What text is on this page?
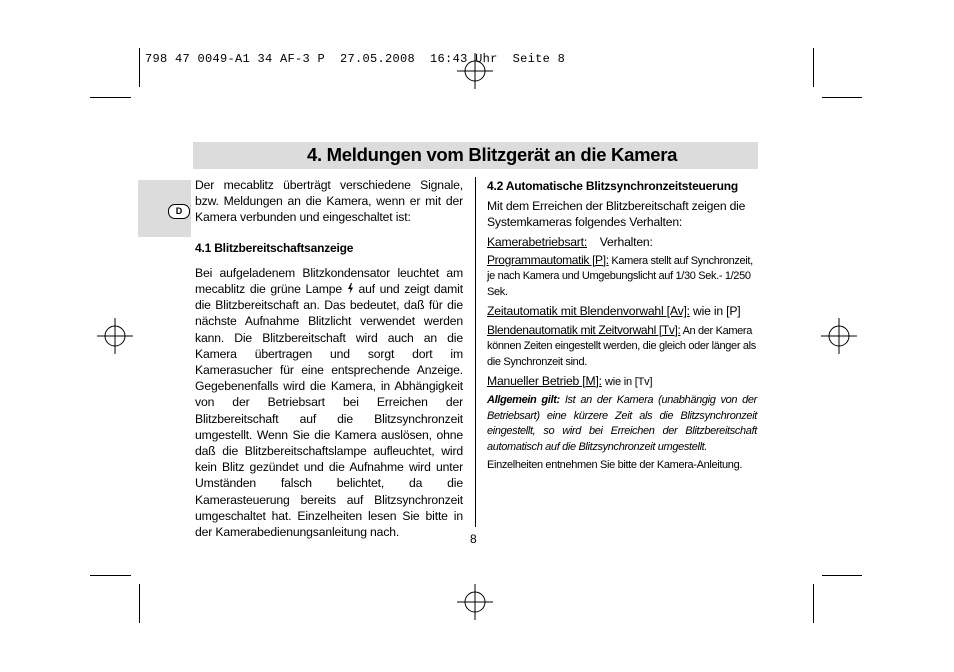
798 47 0049-A1 34 AF-3 P  27.05.2008  16:43 Uhr  Seite 8
4. Meldungen vom Blitzgerät an die Kamera
D

Der mecablitz überträgt verschiedene Signale, bzw. Meldungen an die Kamera, wenn er mit der Kamera verbunden und eingeschaltet ist:

4.1 Blitzbereitschaftsanzeige

Bei aufgeladenem Blitzkondensator leuchtet am mecablitz die grüne Lampe auf und zeigt damit die Blitzbereitschaft an. Das bedeutet, daß für die nächste Aufnahme Blitzlicht verwendet werden kann. Die Blitzbereitschaft wird auch an die Kamera übertragen und sorgt dort im Kamerasucher für eine entsprechende Anzeige. Gegebenenfalls wird die Kamera, in Abhängigkeit von der Betriebsart bei Erreichen der Blitzbereitschaft auf die Blitzsynchronzeit umgestellt. Wenn Sie die Kamera auslösen, ohne daß die Blitzbereitschaftslampe aufleuchtet, wird kein Blitz gezündet und die Aufnahme wird unter Umständen falsch belichtet, da die Kamerasteuerung bereits auf Blitzsynchronzeit umgeschaltet hat. Einzelheiten lesen Sie bitte in der Kamerabedienungsanleitung nach.

4.2 Automatische Blitzsynchronzeitsteuerung

Mit dem Erreichen der Blitzbereitschaft zeigen die Systemkameras folgendes Verhalten:

Kamerabetriebsart: Verhalten:

Programmautomatik [P]: Kamera stellt auf Synchronzeit, je nach Kamera und Umgebungslicht auf 1/30 Sek.- 1/250 Sek.

Zeitautomatik mit Blendenvorwahl [Av]: wie in [P]

Blendenautomatik mit Zeitvorwahl [Tv]: An der Kamera können Zeiten eingestellt werden, die gleich oder länger als die Synchronzeit sind.

Manueller Betrieb [M]: wie in [Tv]

Allgemein gilt: Ist an der Kamera (unabhängig von der Betriebsart) eine kürzere Zeit als die Blitzsynchronzeit eingestellt, so wird bei Erreichen der Blitzbereitschaft automatisch auf die Blitzsynchronzeit umgestellt.

Einzelheiten entnehmen Sie bitte der Kamera-Anleitung.

8
